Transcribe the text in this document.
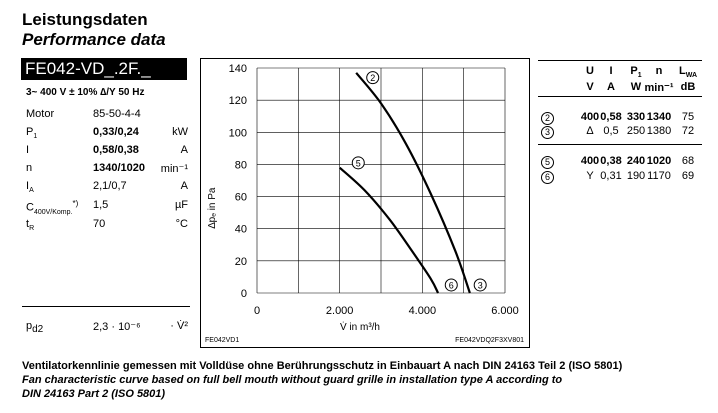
Leistungsdaten
Performance data
FE042-VD_.2F._
3~ 400 V ± 10% ∆/Y 50 Hz
Motor	85-50-4-4
$P_1$	0,33/0,24	kW
I	0,58/0,38	A
n	1340/1020	min⁻¹
$I_A$	2,1/0,7	A
$C_{400V/Komp.}^{*)}$ 1,5	µF
$t_R$	70	°C
$p_{d2}$	2,3 · 10⁻⁶	· V̇²
0
20
40
60
80
100
120
140
0	2.000	4.000	6.000
2
5
6	3
∆pₑ in Pa
V̇ in m³/h
FE042VD1	FE042VDQ2F3XV801
U I $P_1$ n $L_{WA}$
V A W min⁻¹ dB
2	400 0,58 330 1340 75
3	∆ 0,5 250 1380 72
5	400 0,38 240 1020 68
6	Y 0,31 190 1170 69
Ventilatorkennlinie gemessen mit Volldüse ohne Berührungsschutz in Einbauart A nach DIN 24163 Teil 2 (ISO 5801)
Fan characteristic curve based on full bell mouth without guard grille in installation type A according to
DIN 24163 Part 2 (ISO 5801)
